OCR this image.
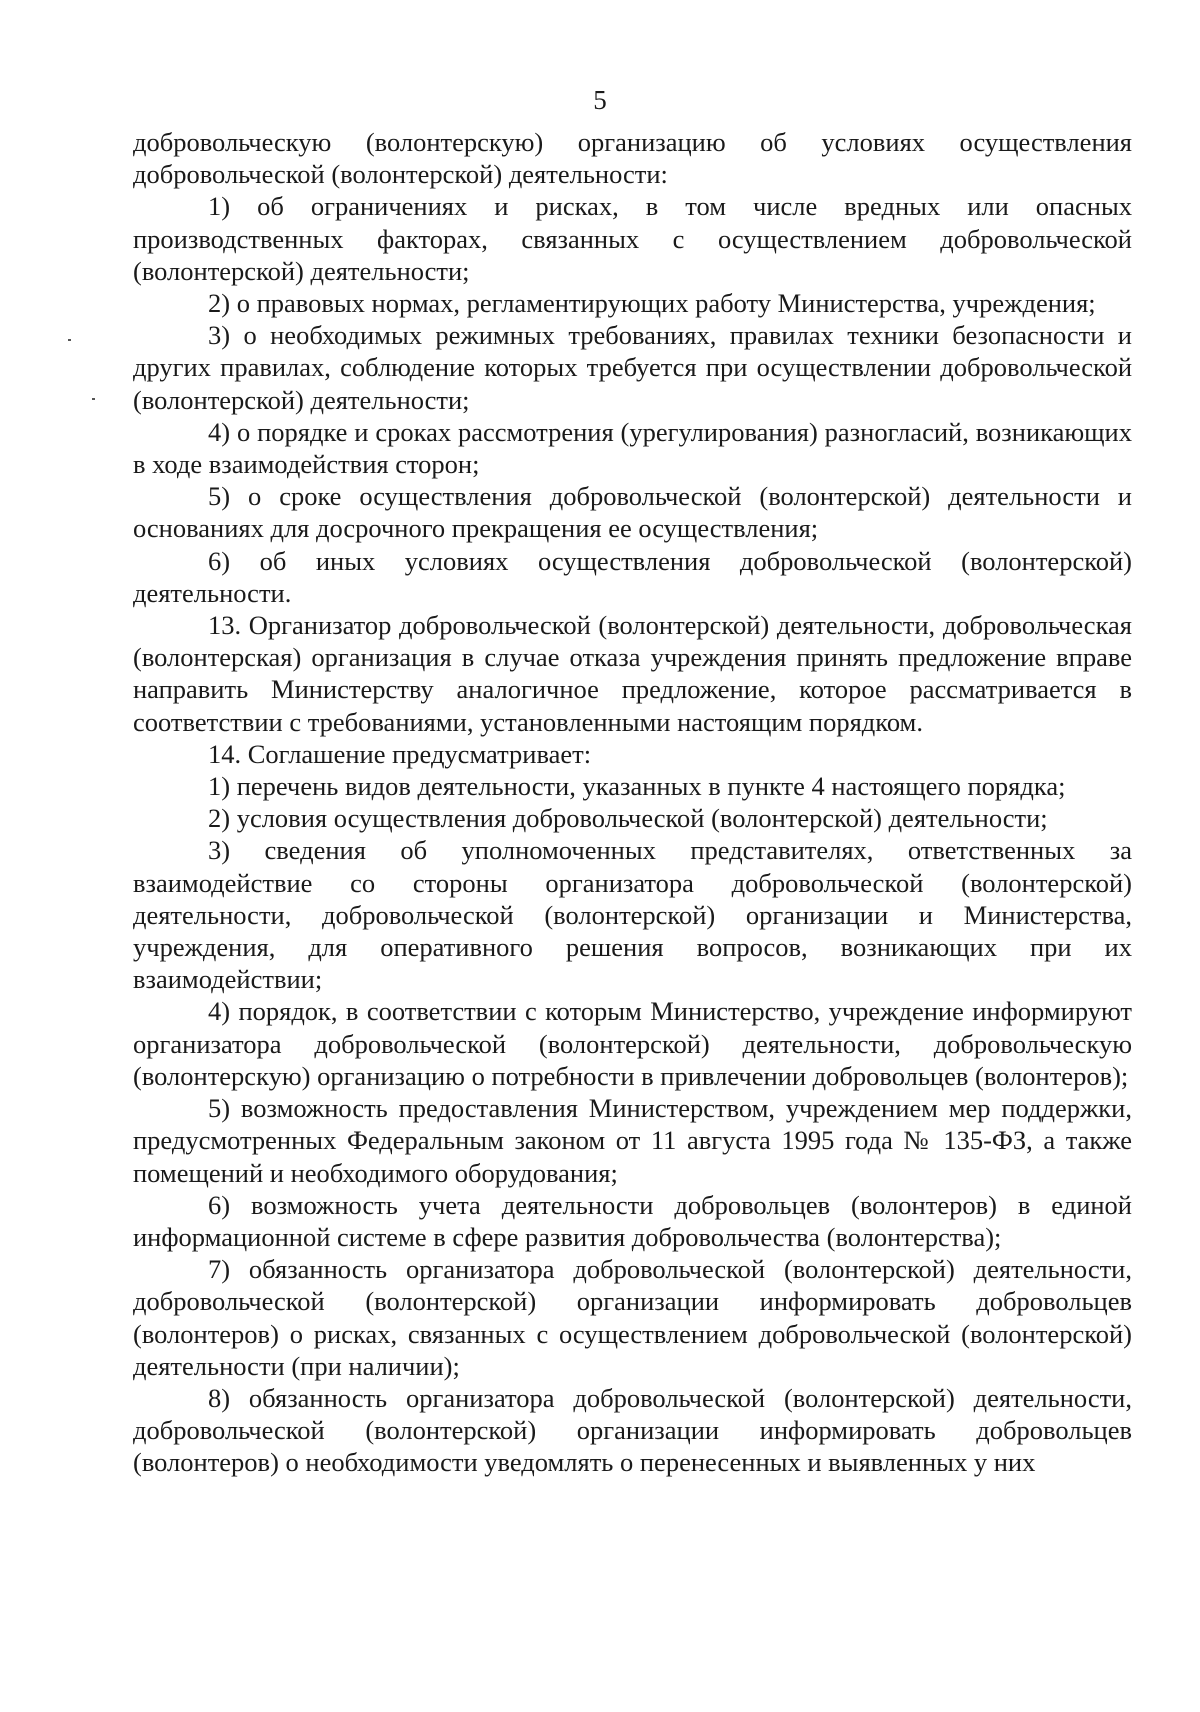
5

добровольческую (волонтерскую) организацию об условиях осуществления добровольческой (волонтерской) деятельности:

1) об ограничениях и рисках, в том числе вредных или опасных производственных факторах, связанных с осуществлением добровольческой (волонтерской) деятельности;

2) о правовых нормах, регламентирующих работу Министерства, учреждения;

3) о необходимых режимных требованиях, правилах техники безопасности и других правилах, соблюдение которых требуется при осуществлении добровольческой (волонтерской) деятельности;

4) о порядке и сроках рассмотрения (урегулирования) разногласий, возникающих в ходе взаимодействия сторон;

5) о сроке осуществления добровольческой (волонтерской) деятельности и основаниях для досрочного прекращения ее осуществления;

6) об иных условиях осуществления добровольческой (волонтерской) деятельности.

13. Организатор добровольческой (волонтерской) деятельности, добровольческая (волонтерская) организация в случае отказа учреждения принять предложение вправе направить Министерству аналогичное предложение, которое рассматривается в соответствии с требованиями, установленными настоящим порядком.

14. Соглашение предусматривает:

1) перечень видов деятельности, указанных в пункте 4 настоящего порядка;

2) условия осуществления добровольческой (волонтерской) деятельности;

3) сведения об уполномоченных представителях, ответственных за взаимодействие со стороны организатора добровольческой (волонтерской) деятельности, добровольческой (волонтерской) организации и Министерства, учреждения, для оперативного решения вопросов, возникающих при их взаимодействии;

4) порядок, в соответствии с которым Министерство, учреждение информируют организатора добровольческой (волонтерской) деятельности, добровольческую (волонтерскую) организацию о потребности в привлечении добровольцев (волонтеров);

5) возможность предоставления Министерством, учреждением мер поддержки, предусмотренных Федеральным законом от 11 августа 1995 года № 135-ФЗ, а также помещений и необходимого оборудования;

6) возможность учета деятельности добровольцев (волонтеров) в единой информационной системе в сфере развития добровольчества (волонтерства);

7) обязанность организатора добровольческой (волонтерской) деятельности, добровольческой (волонтерской) организации информировать добровольцев (волонтеров) о рисках, связанных с осуществлением добровольческой (волонтерской) деятельности (при наличии);

8) обязанность организатора добровольческой (волонтерской) деятельности, добровольческой (волонтерской) организации информировать добровольцев (волонтеров) о необходимости уведомлять о перенесенных и выявленных у них
